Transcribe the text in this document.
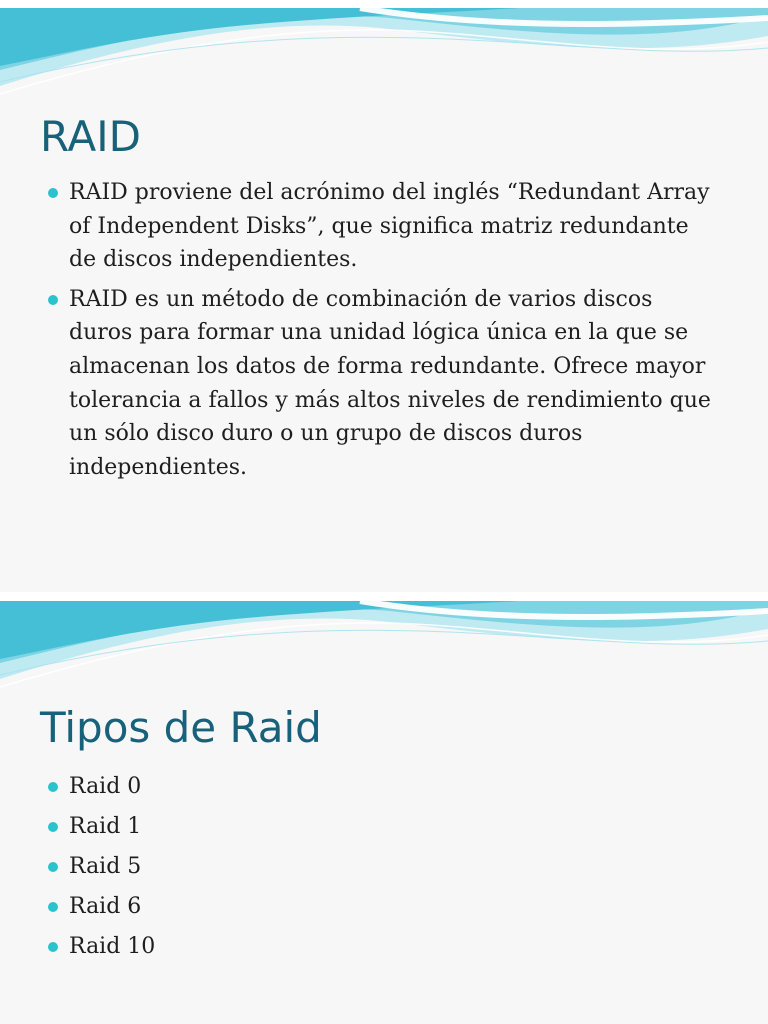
RAID
RAID proviene del acrónimo del inglés “Redundant Array of Independent Disks”, que significa matriz redundante de discos independientes.
RAID es un método de combinación de varios discos duros para formar una unidad lógica única en la que se almacenan los datos de forma redundante. Ofrece mayor tolerancia a fallos y más altos niveles de rendimiento que un sólo disco duro o un grupo de discos duros independientes.
Tipos de Raid
Raid 0
Raid 1
Raid 5
Raid 6
Raid 10
